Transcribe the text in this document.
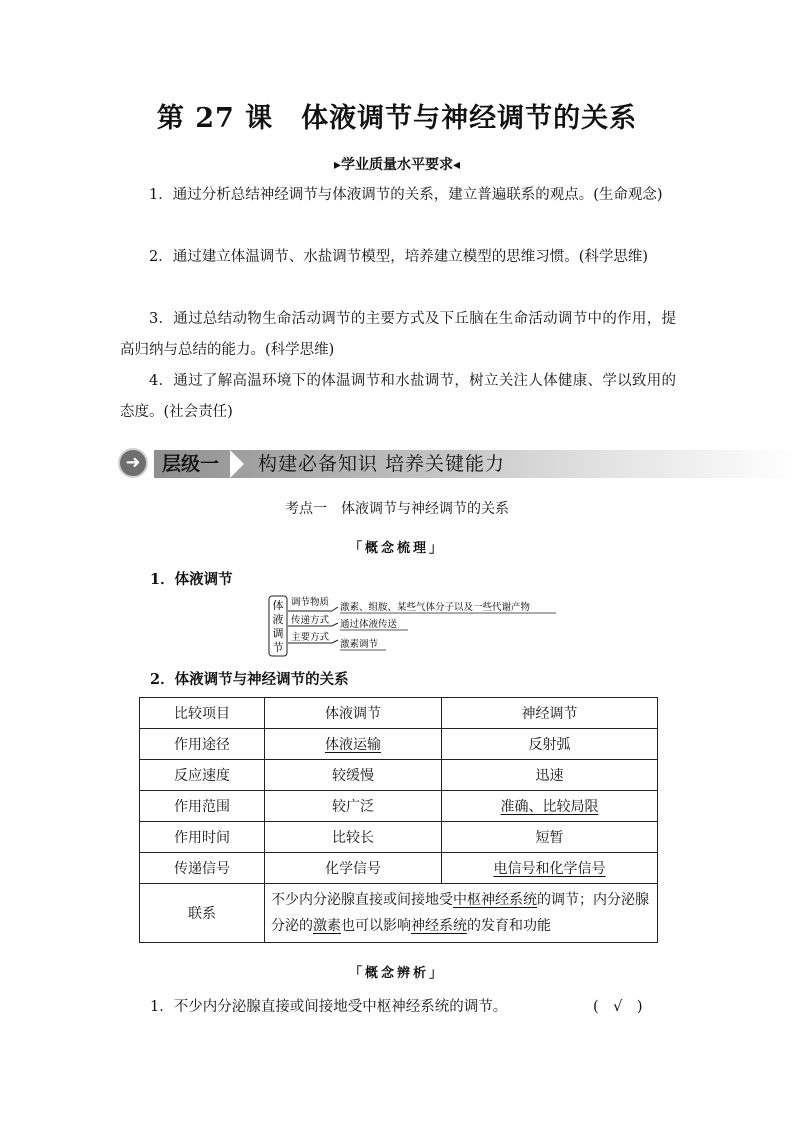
第 27 课　体液调节与神经调节的关系
▸学业质量水平要求◂
1．通过分析总结神经调节与体液调节的关系，建立普遍联系的观点。(生命观念)
2．通过建立体温调节、水盐调节模型，培养建立模型的思维习惯。(科学思维)
3．通过总结动物生命活动调节的主要方式及下丘脑在生命活动调节中的作用，提高归纳与总结的能力。(科学思维)
4．通过了解高温环境下的体温调节和水盐调节，树立关注人体健康、学以致用的态度。(社会责任)
➜	层级一 构建必备知识 培养关键能力
考点一　体液调节与神经调节的关系
「概念梳理」
1．体液调节
体
液
调
节
调节物质
传递方式
主要方式
激素、组胺、某些气体分子以及一些代谢产物
通过体液传送
激素调节
2．体液调节与神经调节的关系
比较项目	体液调节	神经调节
作用途径	体液运输	反射弧
反应速度	较缓慢	迅速
作用范围	较广泛	准确、比较局限
作用时间	比较长	短暂
传递信号	化学信号	电信号和化学信号
联系	不少内分泌腺直接或间接地受中枢神经系统的调节；内分泌腺分泌的激素也可以影响神经系统的发育和功能	
「概念辨析」
1．不少内分泌腺直接或间接地受中枢神经系统的调节。	(　√　)
